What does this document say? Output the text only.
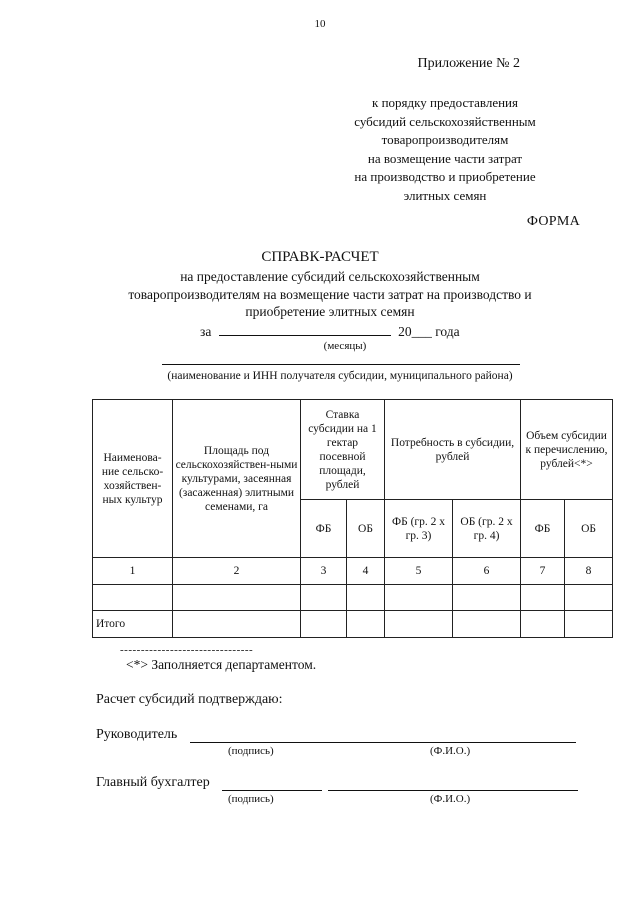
10
Приложение № 2
к порядку предоставления
субсидий сельскохозяйственным
товаропроизводителям
на возмещение части затрат
на производство и приобретение
элитных семян
ФОРМА
СПРАВК-РАСЧЕТ
на предоставление субсидий сельскохозяйственным
товаропроизводителям на возмещение части затрат на производство и
приобретение элитных семян
за	20___ года
(месяцы)
(наименование и ИНН получателя субсидии, муниципального района)
Наименова-ние сельско-хозяйствен-ных культур	Площадь под сельскохозяйствен-ными культурами, засеянная (засаженная) элитными семенами, га	Ставка субсидии на 1 гектар посевной площади, рублей		Потребность в субсидии, рублей		Объем субсидии к перечислению, рублей<*>	
		ФБ	ОБ	ФБ (гр. 2 х гр. 3)	ОБ (гр. 2 х гр. 4)	ФБ	ОБ
1	2	3	4	5	6	7	8

Итого							
--------------------------------
<*> Заполняется департаментом.
Расчет субсидий подтверждаю:
Руководитель
(подпись)	(Ф.И.О.)
Главный бухгалтер
(подпись)	(Ф.И.О.)
